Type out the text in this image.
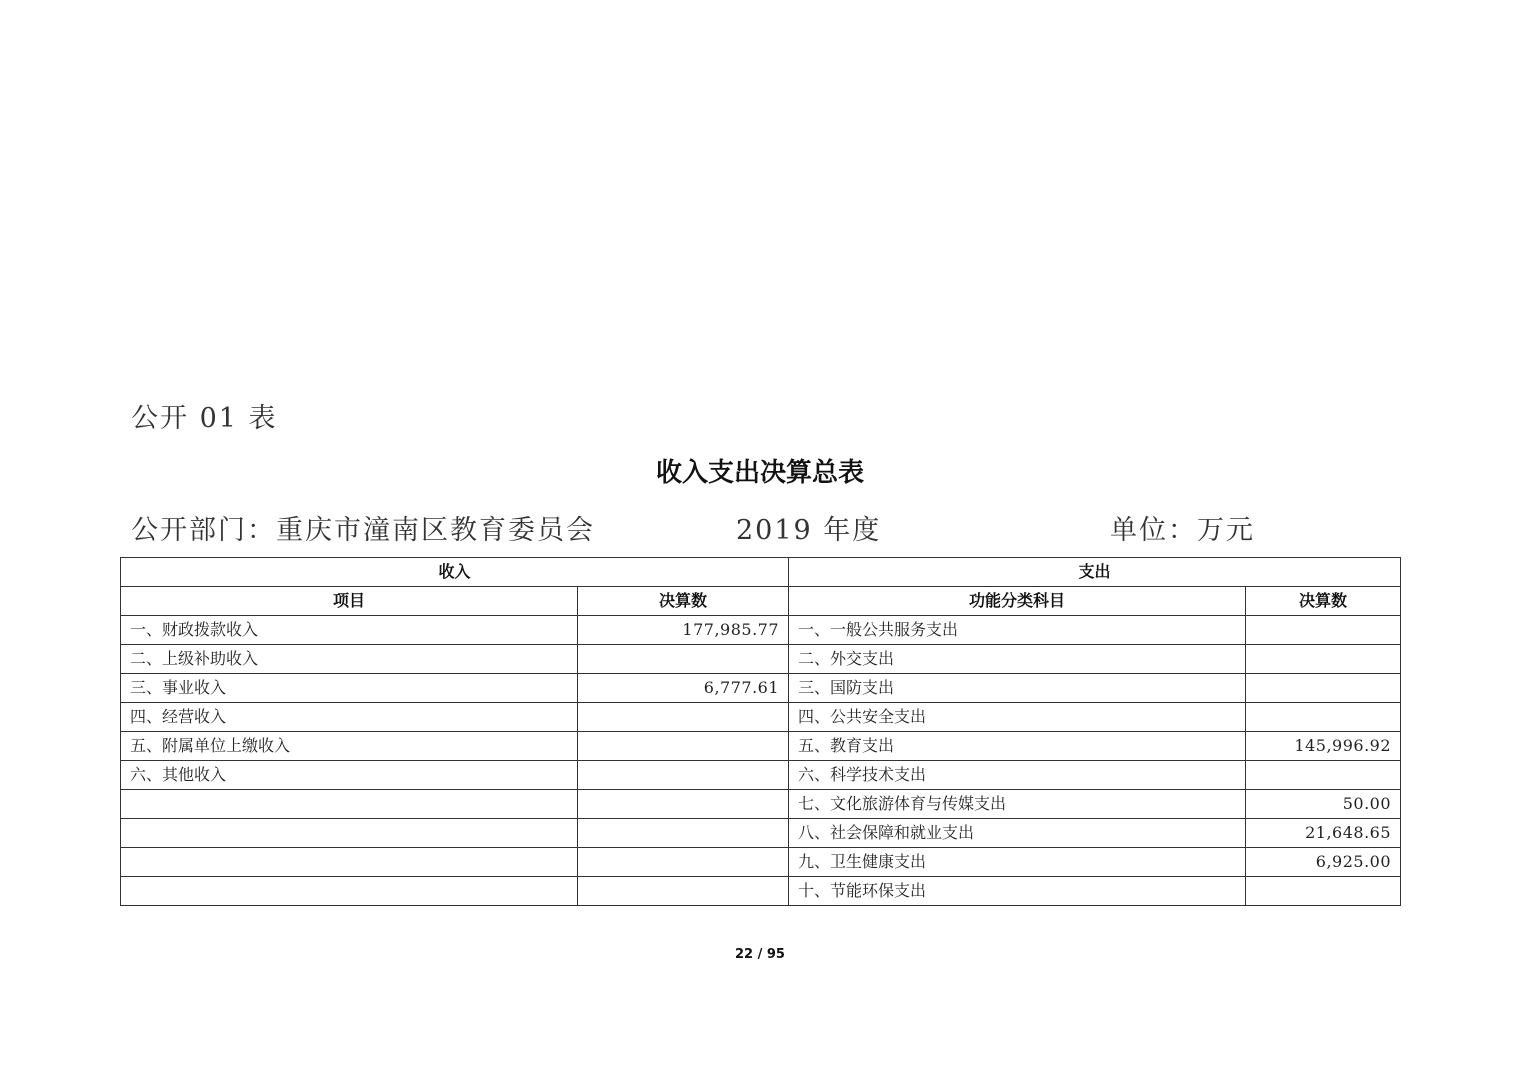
公开 01 表
收入支出决算总表
公开部门：重庆市潼南区教育委员会	2019 年度	单位：万元
收入		支出	
项目	决算数	功能分类科目	决算数
一、财政拨款收入	177,985.77	一、一般公共服务支出	
二、上级补助收入		二、外交支出	
三、事业收入	6,777.61	三、国防支出	
四、经营收入		四、公共安全支出	
五、附属单位上缴收入		五、教育支出	145,996.92
六、其他收入		六、科学技术支出	
		七、文化旅游体育与传媒支出	50.00
		八、社会保障和就业支出	21,648.65
		九、卫生健康支出	6,925.00
		十、节能环保支出	
22 / 95
